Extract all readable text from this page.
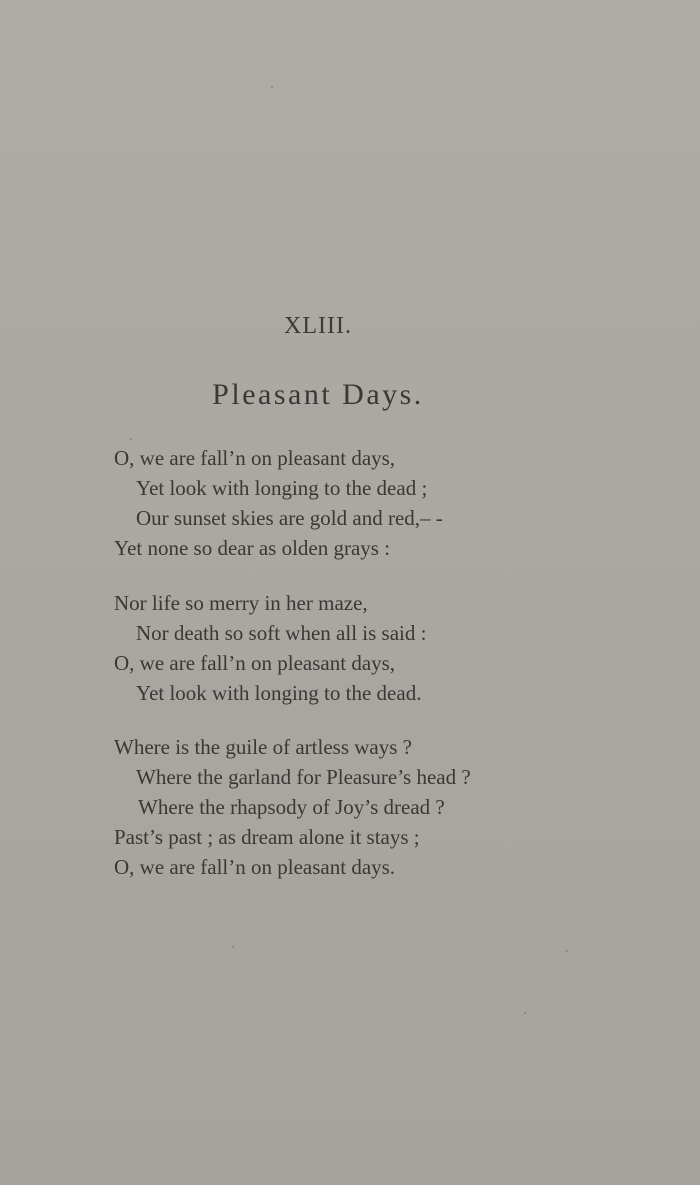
XLIII.
Pleasant Days.
O, we are fall’n on pleasant days,
Yet look with longing to the dead ;
Our sunset skies are gold and red,– -
Yet none so dear as olden grays :
Nor life so merry in her maze,
Nor death so soft when all is said :
O, we are fall’n on pleasant days,
Yet look with longing to the dead.
Where is the guile of artless ways ?
Where the garland for Pleasure’s head ?
Where the rhapsody of Joy’s dread ?
Past’s past ; as dream alone it stays ;
O, we are fall’n on pleasant days.
